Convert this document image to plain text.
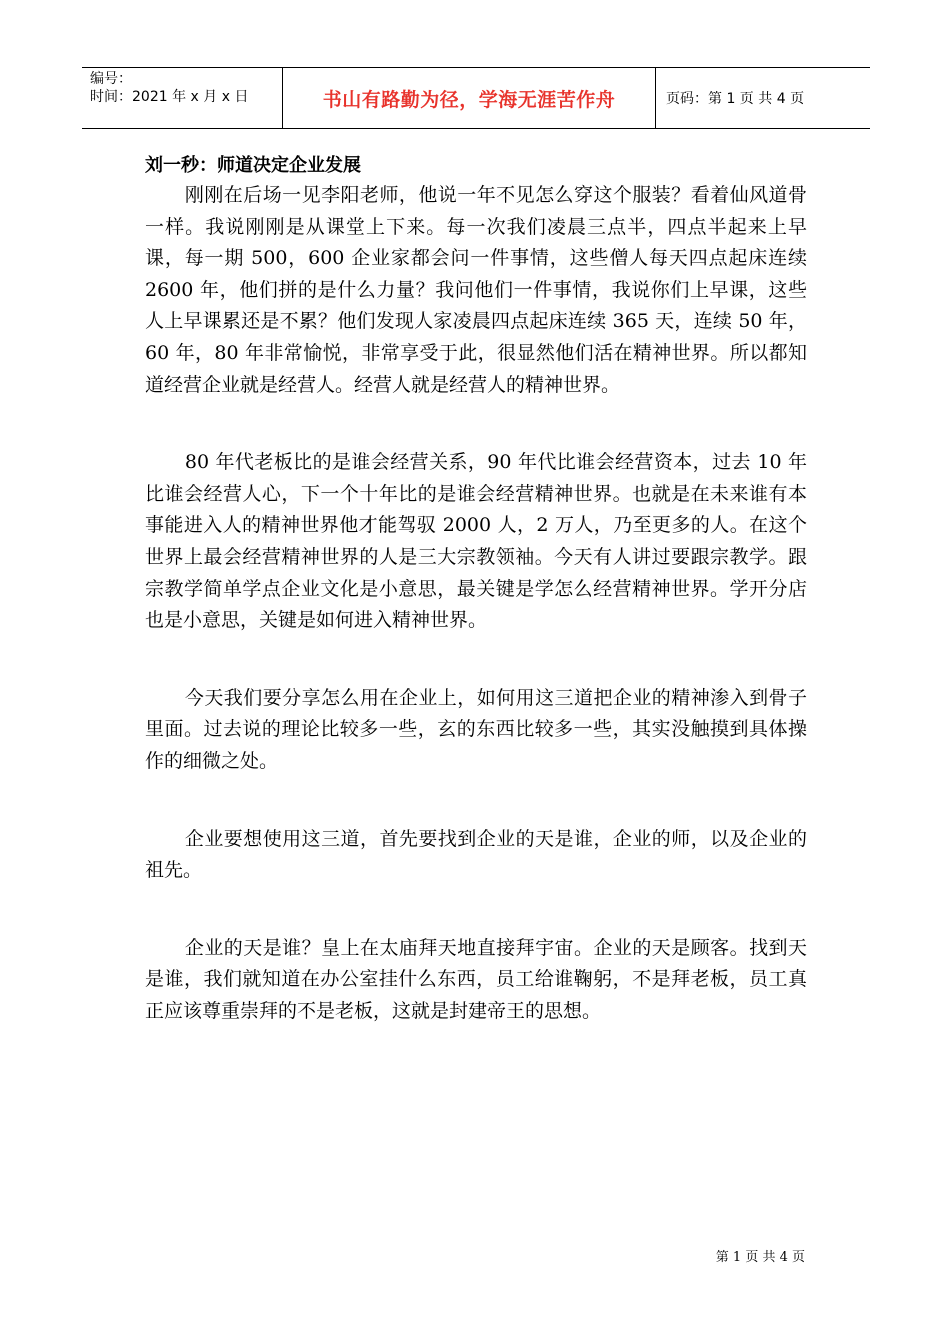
编号：
时间：2021 年 x 月 x 日	书山有路勤为径，学海无涯苦作舟	页码：第 1 页 共 4 页
刘一秒：师道决定企业发展

刚刚在后场一见李阳老师，他说一年不见怎么穿这个服装？看着仙风道骨一样。我说刚刚是从课堂上下来。每一次我们凌晨三点半，四点半起来上早课，每一期 500，600 企业家都会问一件事情，这些僧人每天四点起床连续 2600 年，他们拼的是什么力量？我问他们一件事情，我说你们上早课，这些人上早课累还是不累？他们发现人家凌晨四点起床连续 365 天，连续 50 年，60 年，80 年非常愉悦，非常享受于此，很显然他们活在精神世界。所以都知道经营企业就是经营人。经营人就是经营人的精神世界。

80 年代老板比的是谁会经营关系，90 年代比谁会经营资本，过去 10 年比谁会经营人心，下一个十年比的是谁会经营精神世界。也就是在未来谁有本事能进入人的精神世界他才能驾驭 2000 人，2 万人，乃至更多的人。在这个世界上最会经营精神世界的人是三大宗教领袖。今天有人讲过要跟宗教学。跟宗教学简单学点企业文化是小意思，最关键是学怎么经营精神世界。学开分店也是小意思，关键是如何进入精神世界。

今天我们要分享怎么用在企业上，如何用这三道把企业的精神渗入到骨子里面。过去说的理论比较多一些，玄的东西比较多一些，其实没触摸到具体操作的细微之处。

企业要想使用这三道，首先要找到企业的天是谁，企业的师，以及企业的祖先。

企业的天是谁？皇上在太庙拜天地直接拜宇宙。企业的天是顾客。找到天是谁，我们就知道在办公室挂什么东西，员工给谁鞠躬，不是拜老板，员工真正应该尊重崇拜的不是老板，这就是封建帝王的思想。

第 1 页 共 4 页
